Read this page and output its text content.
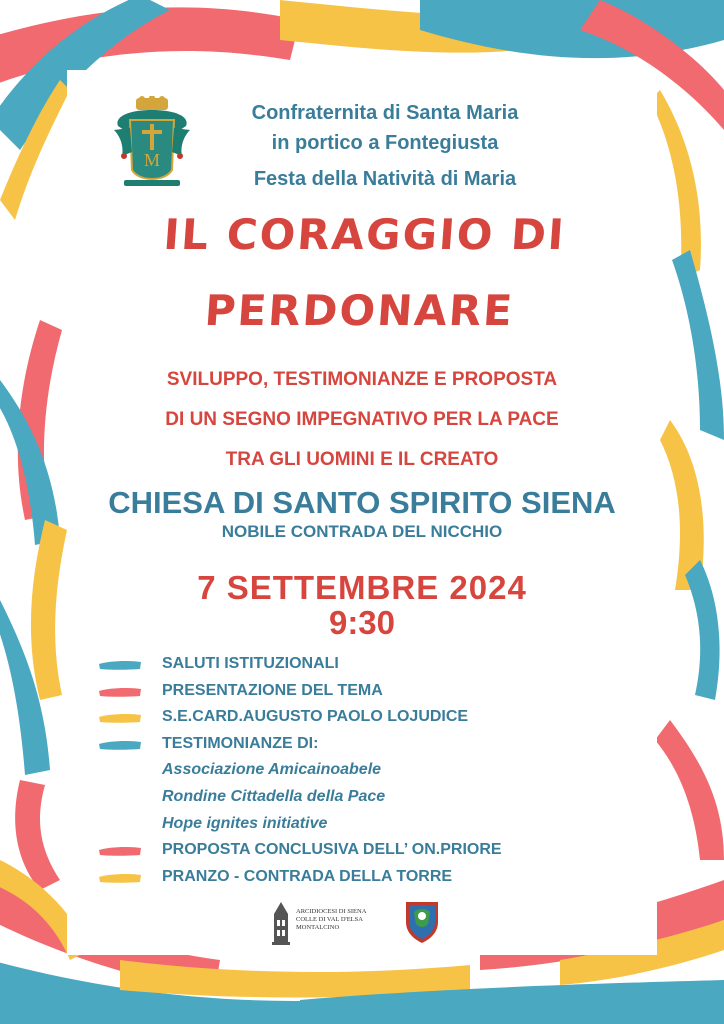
M
Confraternita di Santa Maria
in portico a Fontegiusta
Festa della Natività di Maria
IL CORAGGIO DI
PERDONARE
SVILUPPO, TESTIMONIANZE E PROPOSTA
DI UN SEGNO IMPEGNATIVO PER LA PACE
TRA GLI UOMINI E IL CREATO
CHIESA DI SANTO SPIRITO SIENA
NOBILE CONTRADA DEL NICCHIO
7 SETTEMBRE 2024
9:30
SALUTI ISTITUZIONALI
PRESENTAZIONE DEL TEMA
S.E.CARD.AUGUSTO PAOLO LOJUDICE
TESTIMONIANZE DI:
Associazione Amicainoabele
Rondine Cittadella della Pace
Hope ignites initiative
PROPOSTA CONCLUSIVA DELL’ ON.PRIORE
PRANZO - CONTRADA DELLA TORRE
ARCIDIOCESI DI SIENA
COLLE DI VAL D'ELSA
MONTALCINO
